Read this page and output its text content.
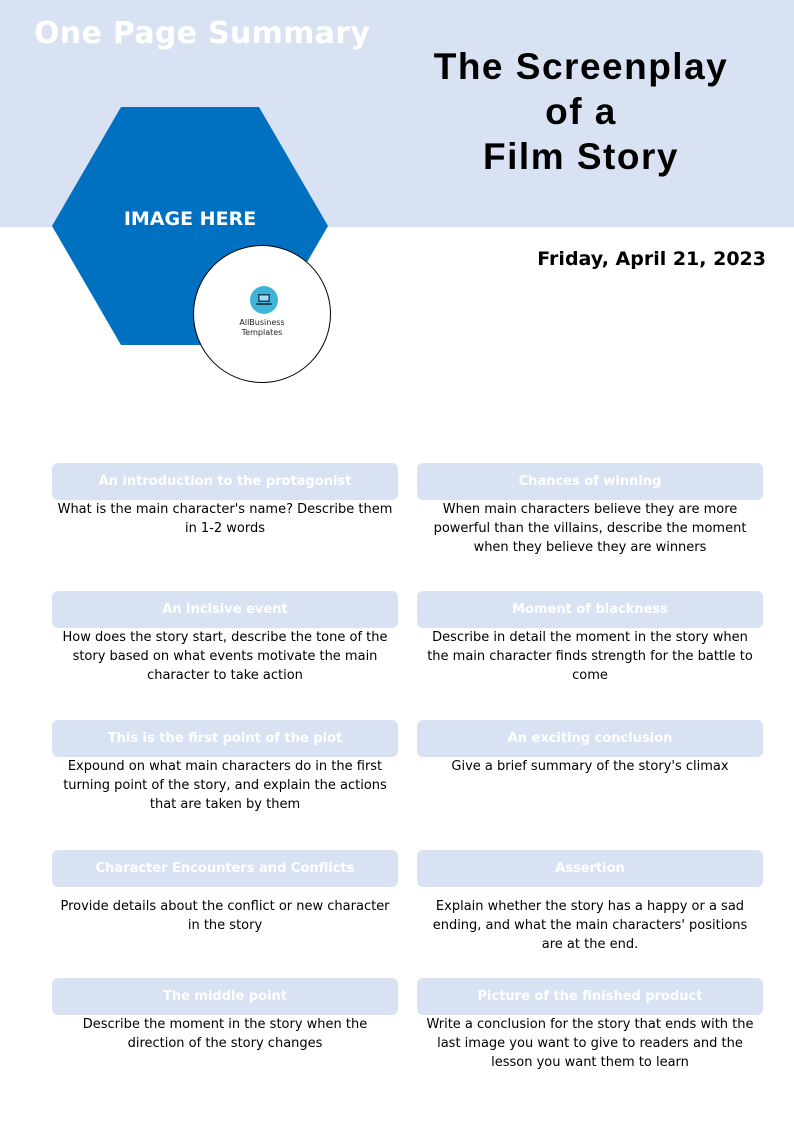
One Page Summary
The Screenplay
of a
Film Story
IMAGE HERE
AllBusiness
Templates
Friday, April 21, 2023
An introduction to the protagonist
What is the main character's name? Describe them in 1-2 words
An incisive event
How does the story start, describe the tone of the story based on what events motivate the main character to take action
This is the first point of the plot
Expound on what main characters do in the first turning point of the story, and explain the actions that are taken by them
Character Encounters and Conflicts
Provide details about the conflict or new character in the story
The middle point
Describe the moment in the story when the direction of the story changes
Chances of winning
When main characters believe they are more powerful than the villains, describe the moment when they believe they are winners
Moment of blackness
Describe in detail the moment in the story when the main character finds strength for the battle to come
An exciting conclusion
Give a brief summary of the story's climax
Assertion
Explain whether the story has a happy or a sad ending, and what the main characters' positions are at the end.
Picture of the finished product
Write a conclusion for the story that ends with the last image you want to give to readers and the lesson you want them to learn
